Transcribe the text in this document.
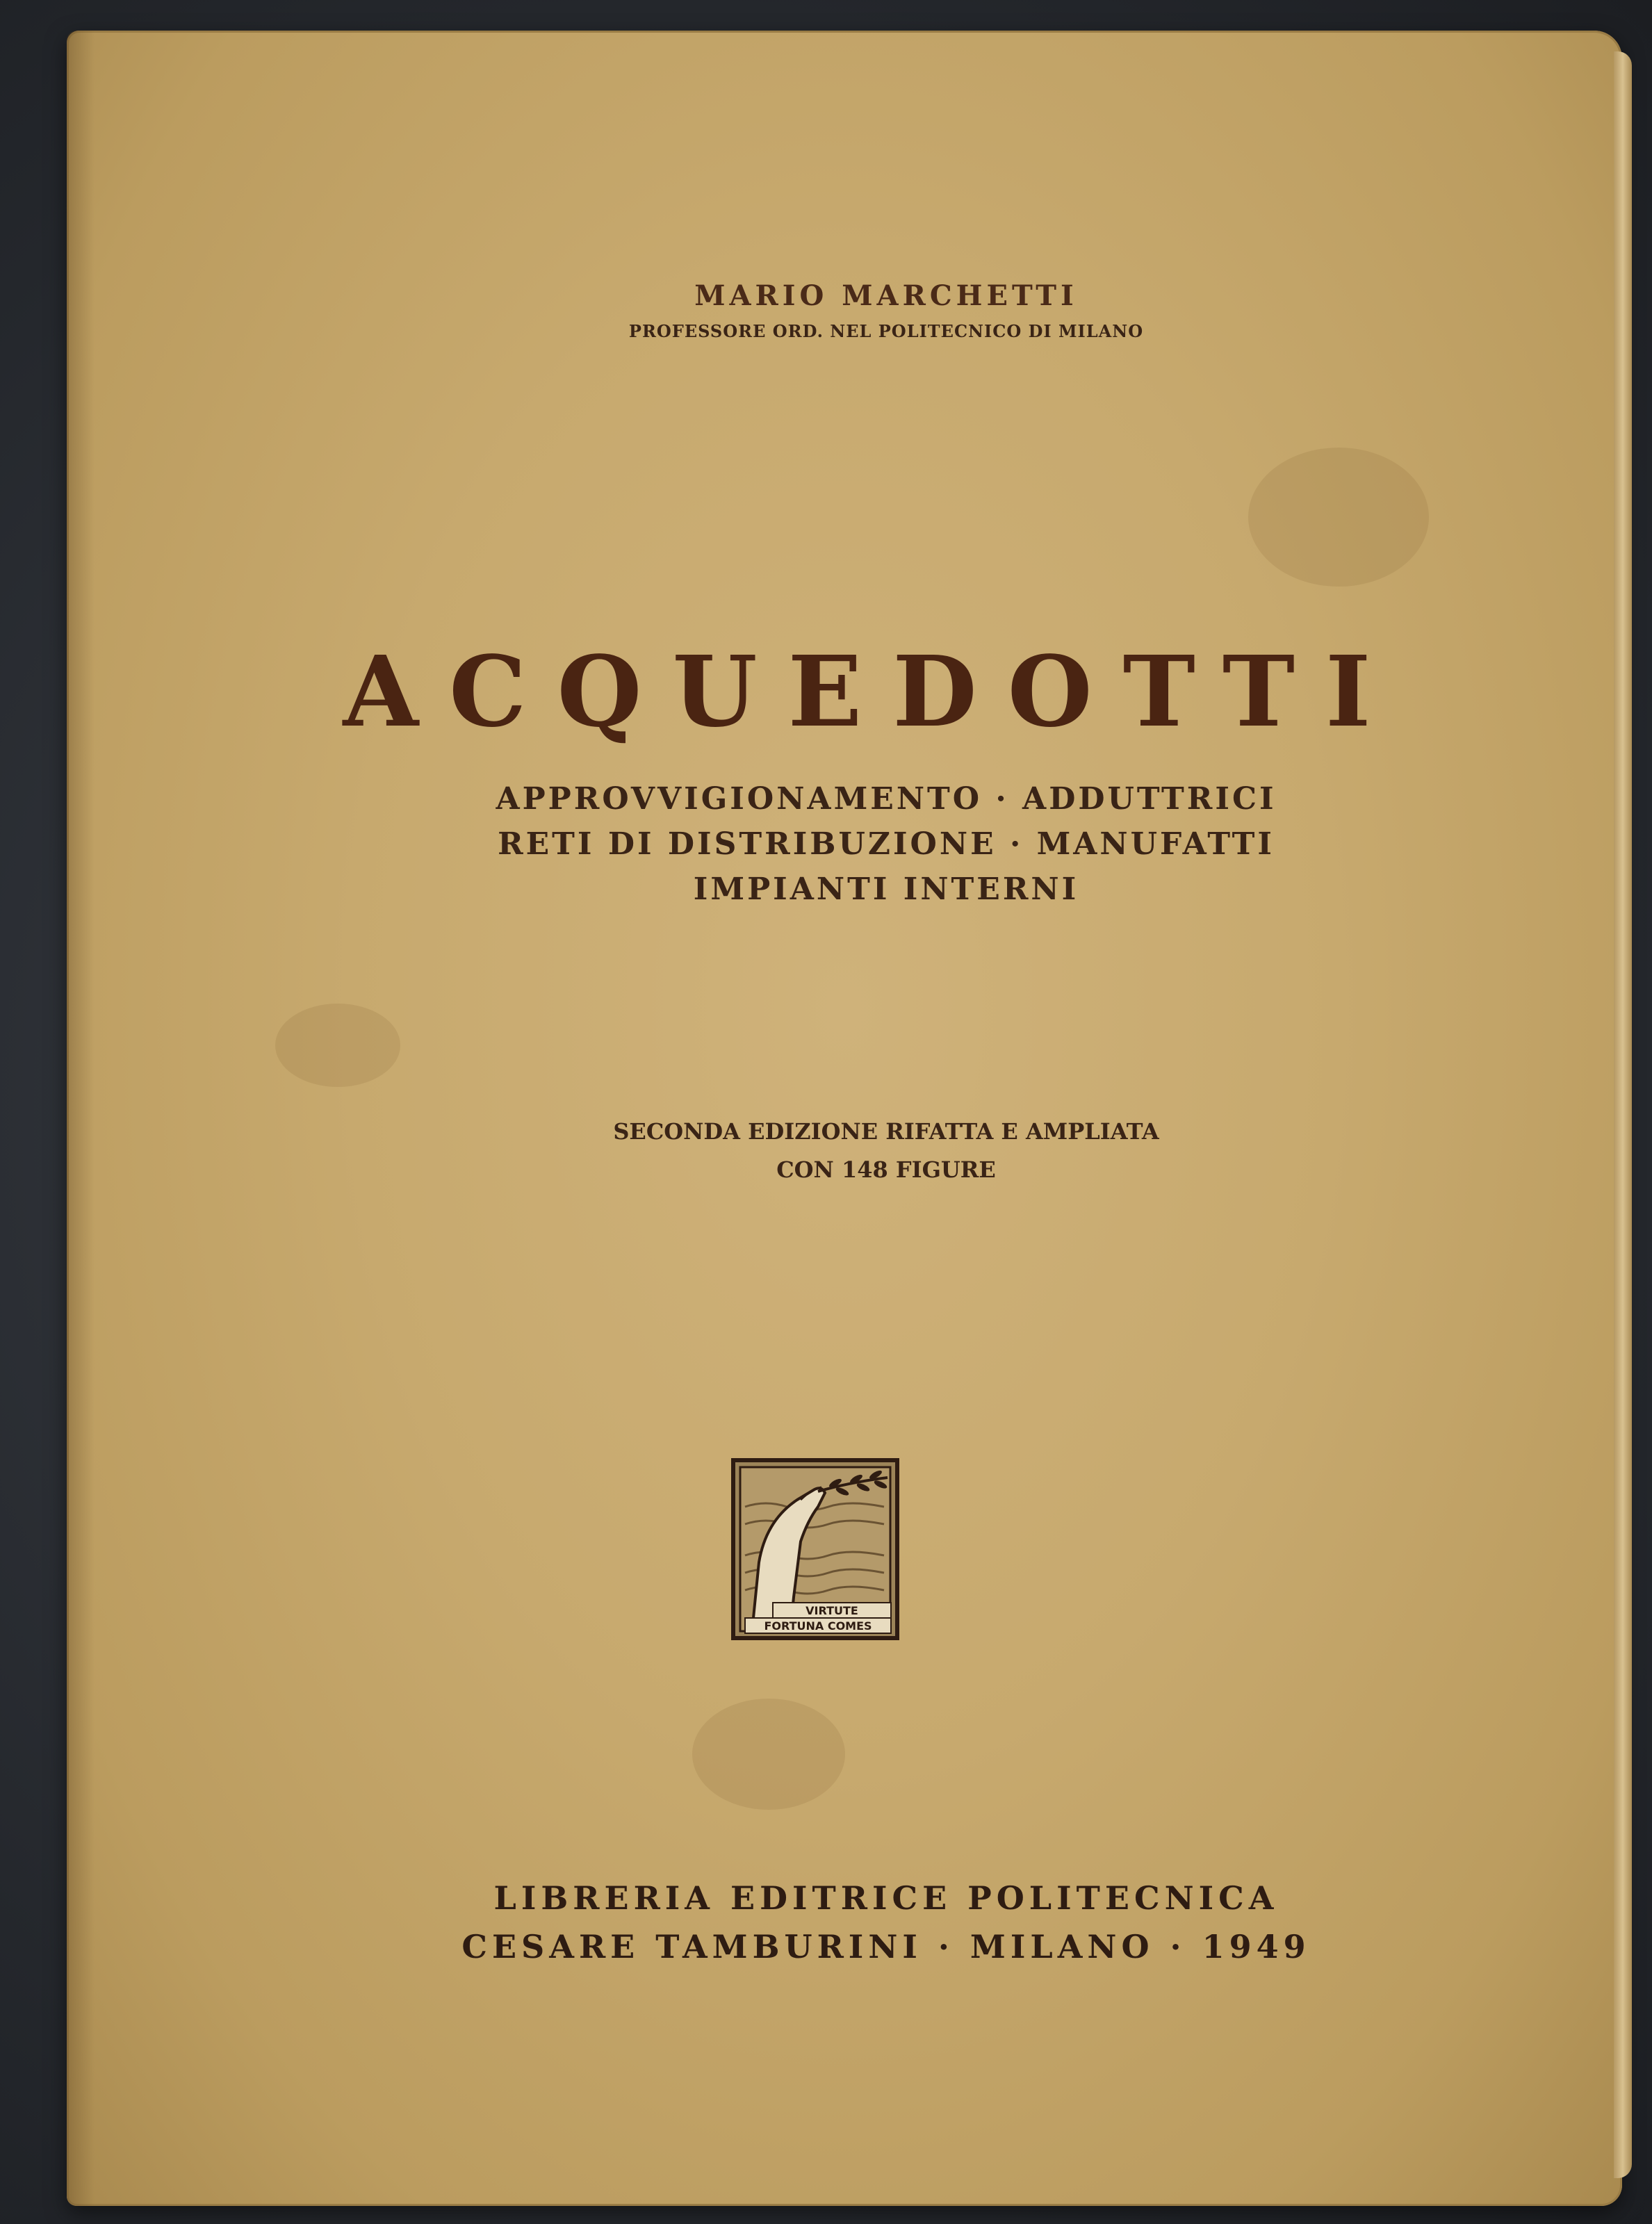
MARIO MARCHETTI
PROFESSORE ORD. NEL POLITECNICO DI MILANO
ACQUEDOTTI
APPROVVIGIONAMENTO · ADDUTTRICI
RETI DI DISTRIBUZIONE · MANUFATTI
IMPIANTI INTERNI
SECONDA EDIZIONE RIFATTA E AMPLIATA
CON 148 FIGURE
VIRTUTE
FORTUNA COMES
LIBRERIA EDITRICE POLITECNICA
CESARE TAMBURINI · MILANO · 1949
